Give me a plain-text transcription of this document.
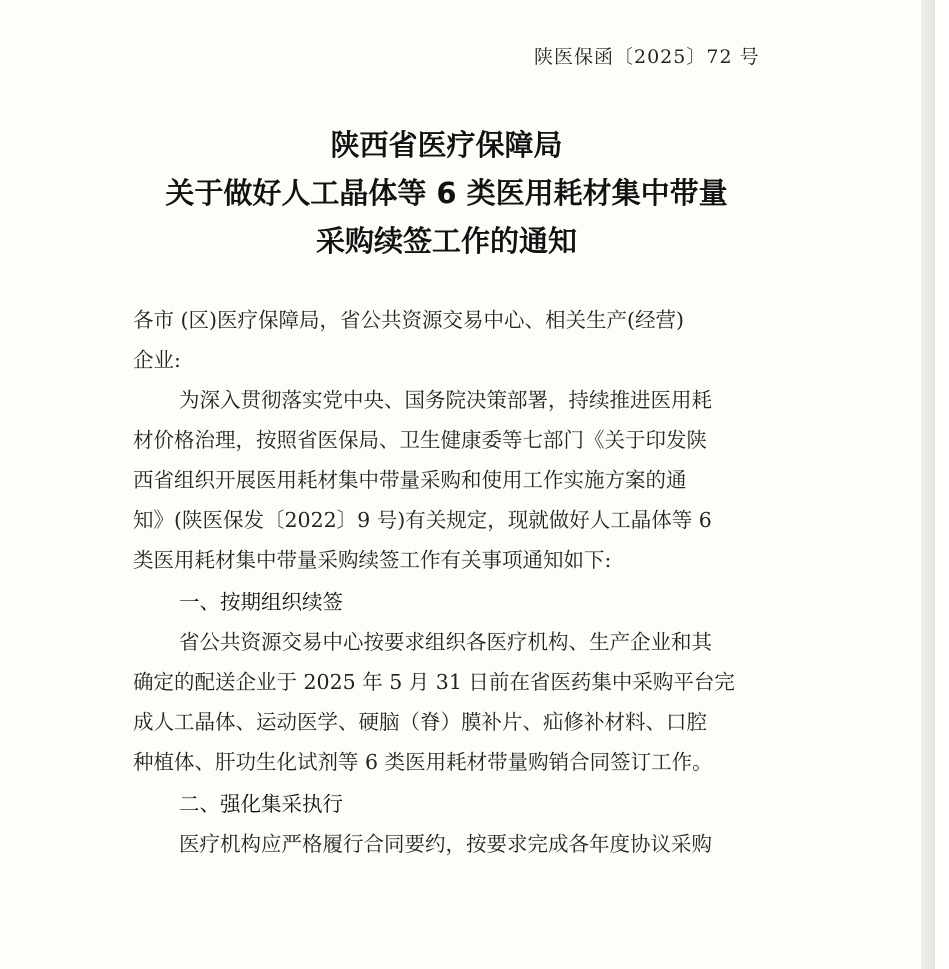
陕医保函〔2025〕72 号
陕西省医疗保障局
关于做好人工晶体等 6 类医用耗材集中带量
采购续签工作的通知
各市 (区)医疗保障局，省公共资源交易中心、相关生产(经营)
企业:
为深入贯彻落实党中央、国务院决策部署，持续推进医用耗
材价格治理，按照省医保局、卫生健康委等七部门《关于印发陕
西省组织开展医用耗材集中带量采购和使用工作实施方案的通
知》(陕医保发〔2022〕9 号)有关规定，现就做好人工晶体等 6
类医用耗材集中带量采购续签工作有关事项通知如下:
一、按期组织续签
省公共资源交易中心按要求组织各医疗机构、生产企业和其
确定的配送企业于 2025 年 5 月 31 日前在省医药集中采购平台完
成人工晶体、运动医学、硬脑（脊）膜补片、疝修补材料、口腔
种植体、肝功生化试剂等 6 类医用耗材带量购销合同签订工作。
二、强化集采执行
医疗机构应严格履行合同要约，按要求完成各年度协议采购
